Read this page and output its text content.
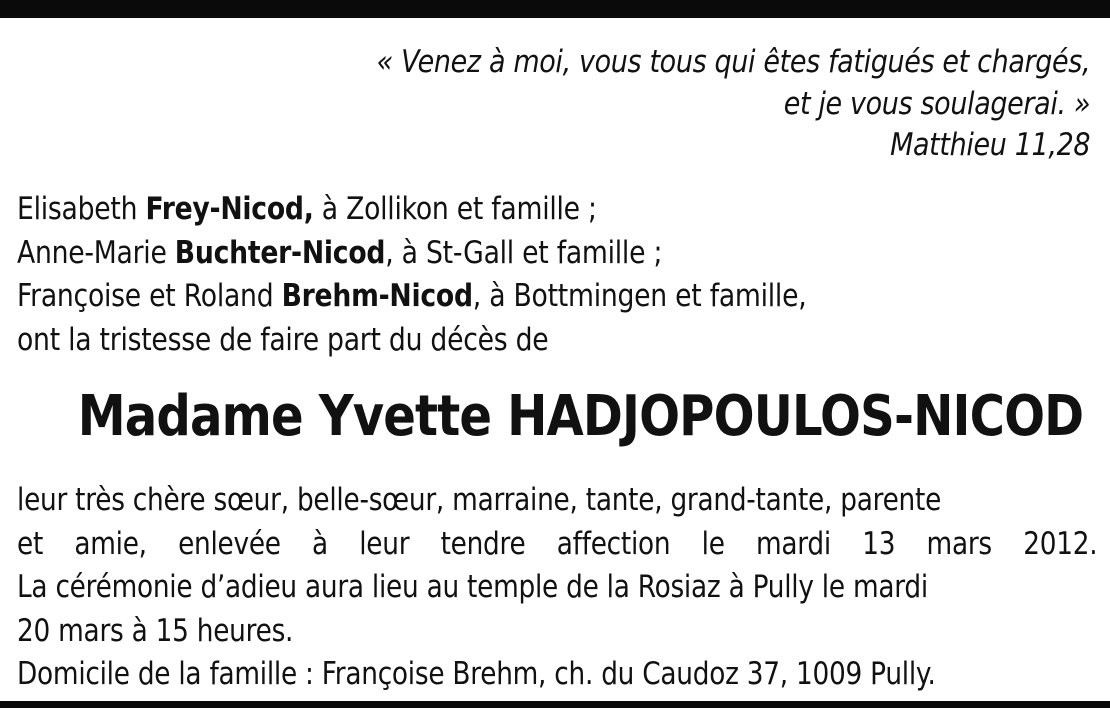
« Venez à moi, vous tous qui êtes fatigués et chargés,
et je vous soulagerai. »
Matthieu 11,28
Elisabeth Frey-Nicod, à Zollikon et famille ;
Anne-Marie Buchter-Nicod, à St-Gall et famille ;
Françoise et Roland Brehm-Nicod, à Bottmingen et famille,
ont la tristesse de faire part du décès de
Madame Yvette HADJOPOULOS-NICOD
leur très chère sœur, belle-sœur, marraine, tante, grand-tante, parente
et amie, enlevée à leur tendre affection le mardi 13 mars 2012.
La cérémonie d’adieu aura lieu au temple de la Rosiaz à Pully le mardi
20 mars à 15 heures.
Domicile de la famille : Françoise Brehm, ch. du Caudoz 37, 1009 Pully.
